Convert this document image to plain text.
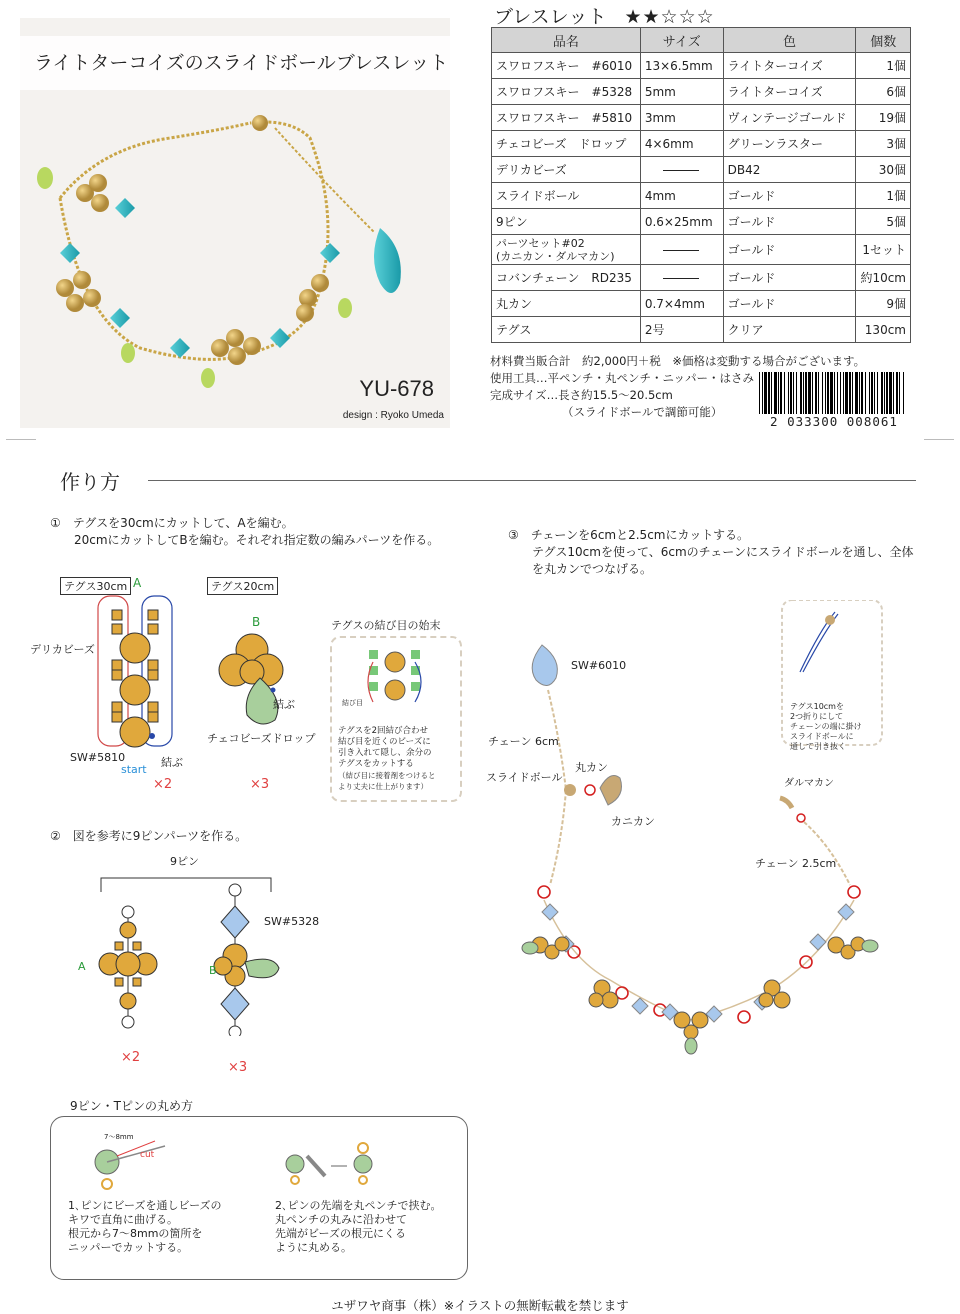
ライトターコイズのスライドボールブレスレット
YU-678
design : Ryoko Umeda
ブレスレット ★★☆☆☆
品名	サイズ	色	個数
スワロフスキー　#6010	13×6.5mm	ライトターコイズ	1個
スワロフスキー　#5328	5mm	ライトターコイズ	6個
スワロフスキー　#5810	3mm	ヴィンテージゴールド	19個
チェコビーズ　ドロップ	4×6mm	グリーンラスター	3個
デリカビーズ		DB42	30個
スライドボール	4mm	ゴールド	1個
9ピン	0.6×25mm	ゴールド	5個
パーツセット#02
(カニカン・ダルマカン)		ゴールド	1セット
コバンチェーン　RD235		ゴールド	約10cm
丸カン	0.7×4mm	ゴールド	9個
テグス	2号	クリア	130cm
材料費当販合計　約2,000円＋税　※価格は変動する場合がございます。
使用工具…平ペンチ・丸ペンチ・ニッパー・はさみ
完成サイズ…長さ約15.5～20.5cm
（スライドボールで調節可能）
2 033300 008061
作り方
①　 テグスを30cmにカットして、Aを編む。
20cmにカットしてBを編む。それぞれ指定数の編みパーツを作る。
テグス30cm A	テグス20cm
B
デリカビーズ
SW#5810
start
結ぶ
×2
結ぶ
チェコビーズドロップ
×3
テグスの結び目の始末
結び目
テグスを2回結び合わせ
結び目を近くのビーズに
引き入れて隠し、余分の
テグスをカットする
（結び目に接着剤をつけると
より丈夫に仕上がります）
②　 図を参考に9ピンパーツを作る。
9ピン
A	B
SW#5328
×2
×3
③　 チェーンを6cmと2.5cmにカットする。
テグス10cmを使って、6cmのチェーンにスライドボールを通し、全体
を丸カンでつなげる。
SW#6010
チェーン 6cm
丸カン
スライドボール
カニカン
ダルマカン
チェーン 2.5cm
テグス10cmを
2つ折りにして
チェーンの端に掛け
スライドボールに
通して引き抜く
9ピン・Tピンの丸め方
7～8mm
cut
1､ピンにビーズを通しビーズの
キワで直角に曲げる。
根元から7～8mmの箇所を
ニッパーでカットする。
2､ピンの先端を丸ペンチで挟む。
丸ペンチの丸みに沿わせて
先端がビーズの根元にくる
ように丸める。
ユザワヤ商事（株）※イラストの無断転載を禁じます
